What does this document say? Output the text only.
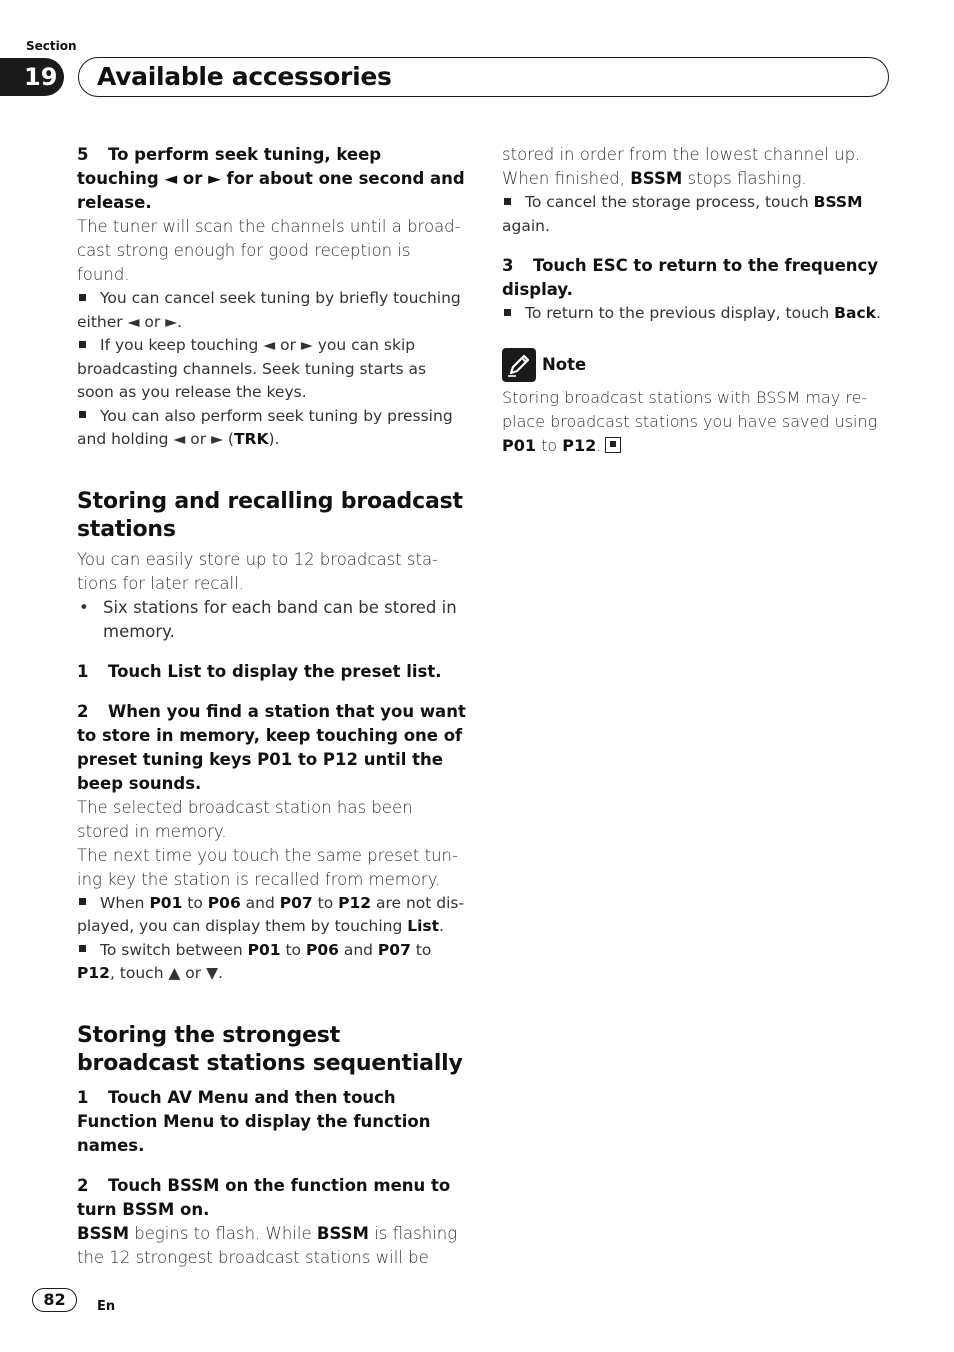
Section
19 Available accessories
5 To perform seek tuning, keep touching ◄ or ► for about one second and release.
The tuner will scan the channels until a broad-cast strong enough for good reception is found.
You can cancel seek tuning by briefly touching either ◄ or ►.
If you keep touching ◄ or ► you can skip broadcasting channels. Seek tuning starts as soon as you release the keys.
You can also perform seek tuning by pressing and holding ◄ or ► (TRK).
Storing and recalling broadcast stations
You can easily store up to 12 broadcast sta-tions for later recall.
• Six stations for each band can be stored in memory.
1 Touch List to display the preset list.
2 When you find a station that you want to store in memory, keep touching one of preset tuning keys P01 to P12 until the beep sounds.
The selected broadcast station has been stored in memory.
The next time you touch the same preset tun-ing key the station is recalled from memory.
When P01 to P06 and P07 to P12 are not dis-played, you can display them by touching List.
To switch between P01 to P06 and P07 to P12, touch ▲ or ▼.
Storing the strongest broadcast stations sequentially
1 Touch AV Menu and then touch Function Menu to display the function names.
2 Touch BSSM on the function menu to turn BSSM on.
BSSM begins to flash. While BSSM is flashing the 12 strongest broadcast stations will be
stored in order from the lowest channel up. When finished, BSSM stops flashing.
To cancel the storage process, touch BSSM again.
3 Touch ESC to return to the frequency display.
To return to the previous display, touch Back.
Note
Storing broadcast stations with BSSM may re-place broadcast stations you have saved using P01 to P12.
82	En
